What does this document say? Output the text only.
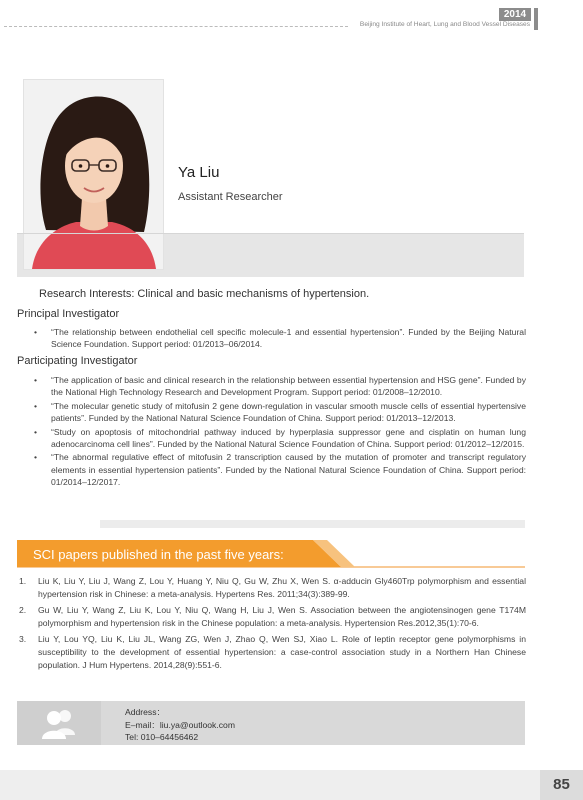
2014
Beijing Institute of Heart, Lung and Blood Vessel Diseases
Ya Liu
Assistant Researcher
Research Interests: Clinical and basic mechanisms of hypertension.
Principal Investigator
• “The relationship between endothelial cell specific molecule-1 and essential hypertension”. Funded by the Beijing Natural Science Foundation. Support period: 01/2013–06/2014.
Participating Investigator
• “The application of basic and clinical research in the relationship between essential hypertension and HSG gene”. Funded by the National High Technology Research and Development Program. Support period: 01/2008–12/2010.
• “The molecular genetic study of mitofusin 2 gene down-regulation in vascular smooth muscle cells of essential hypertensive patients”. Funded by the National Natural Science Foundation of China. Support period: 01/2013–12/2013.
• “Study on apoptosis of mitochondrial pathway induced by hyperplasia suppressor gene and cisplatin on human lung adenocarcinoma cell lines”. Funded by the National Natural Science Foundation of China. Support period: 01/2012–12/2015.
• “The abnormal regulative effect of mitofusin 2 transcription caused by the mutation of promoter and transcript regulatory elements in essential hypertension patients”. Funded by the National Natural Science Foundation of China. Support period: 01/2014–12/2017.
SCI papers published in the past five years:
1. Liu K, Liu Y, Liu J, Wang Z, Lou Y, Huang Y, Niu Q, Gu W, Zhu X, Wen S. α-adducin Gly460Trp polymorphism and essential hypertension risk in Chinese: a meta-analysis. Hypertens Res. 2011;34(3):389-99.
2. Gu W, Liu Y, Wang Z, Liu K, Lou Y, Niu Q, Wang H, Liu J, Wen S. Association between the angiotensinogen gene T174M polymorphism and hypertension risk in the Chinese population: a meta-analysis. Hypertension Res.2012,35(1):70-6.
3. Liu Y, Lou YQ, Liu K, Liu JL, Wang ZG, Wen J, Zhao Q, Wen SJ, Xiao L. Role of leptin receptor gene polymorphisms in susceptibility to the development of essential hypertension: a case-control association study in a Northern Han Chinese population. J Hum Hypertens. 2014,28(9):551-6.
Address：
E–mail：liu.ya@outlook.com
Tel: 010–64456462
85
